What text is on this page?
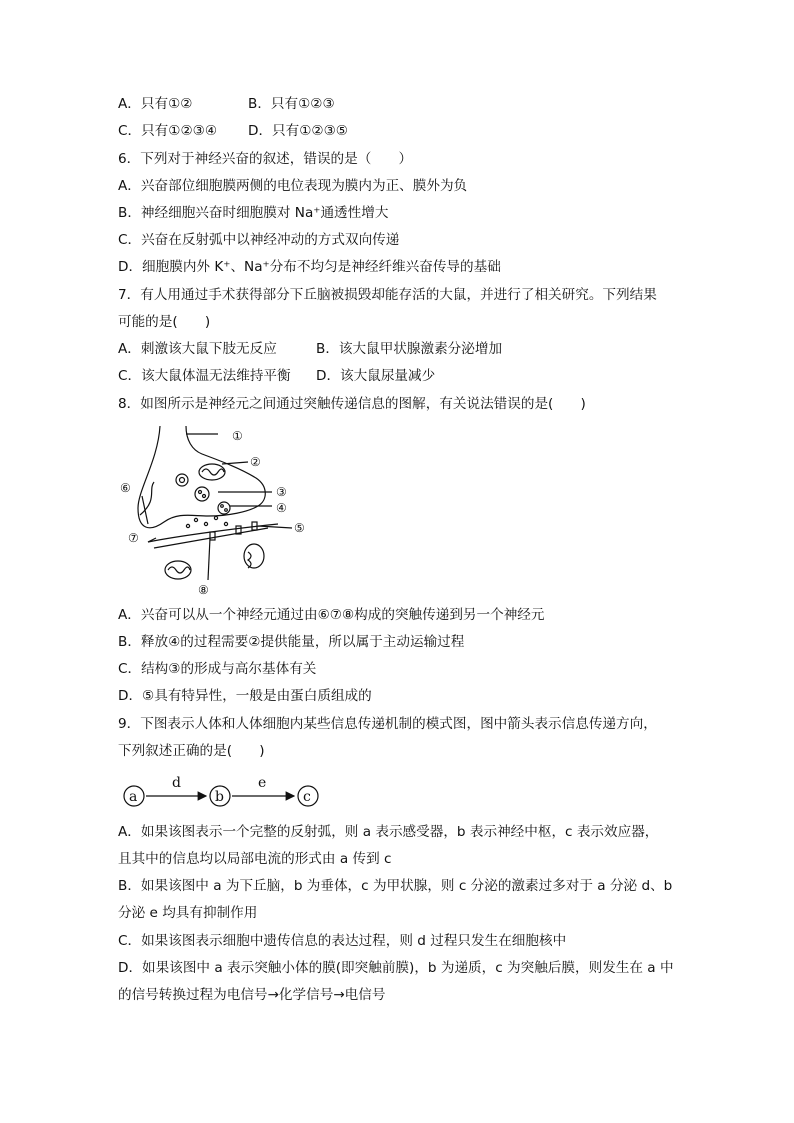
A．只有①②	B．只有①②③
C．只有①②③④ D．只有①②③⑤
6．下列对于神经兴奋的叙述，错误的是（　　）
A．兴奋部位细胞膜两侧的电位表现为膜内为正、膜外为负
B．神经细胞兴奋时细胞膜对 Na⁺通透性增大
C．兴奋在反射弧中以神经冲动的方式双向传递
D．细胞膜内外 K⁺、Na⁺分布不均匀是神经纤维兴奋传导的基础
7．有人用通过手术获得部分下丘脑被损毁却能存活的大鼠，并进行了相关研究。下列结果
可能的是(　　)
A．刺激该大鼠下肢无反应	B．该大鼠甲状腺激素分泌增加
C．该大鼠体温无法维持平衡 D．该大鼠尿量减少
8．如图所示是神经元之间通过突触传递信息的图解，有关说法错误的是(　　)
①
②
③
④
⑤
⑥
⑦
⑧
A．兴奋可以从一个神经元通过由⑥⑦⑧构成的突触传递到另一个神经元
B．释放④的过程需要②提供能量，所以属于主动运输过程
C．结构③的形成与高尔基体有关
D．⑤具有特异性，一般是由蛋白质组成的
9．下图表示人体和人体细胞内某些信息传递机制的模式图，图中箭头表示信息传递方向，
下列叙述正确的是(　　)
a	b	c
d	e
A．如果该图表示一个完整的反射弧，则 a 表示感受器，b 表示神经中枢，c 表示效应器，
且其中的信息均以局部电流的形式由 a 传到 c
B．如果该图中 a 为下丘脑，b 为垂体，c 为甲状腺，则 c 分泌的激素过多对于 a 分泌 d、b
分泌 e 均具有抑制作用
C．如果该图表示细胞中遗传信息的表达过程，则 d 过程只发生在细胞核中
D．如果该图中 a 表示突触小体的膜(即突触前膜)，b 为递质，c 为突触后膜，则发生在 a 中
的信号转换过程为电信号→化学信号→电信号
